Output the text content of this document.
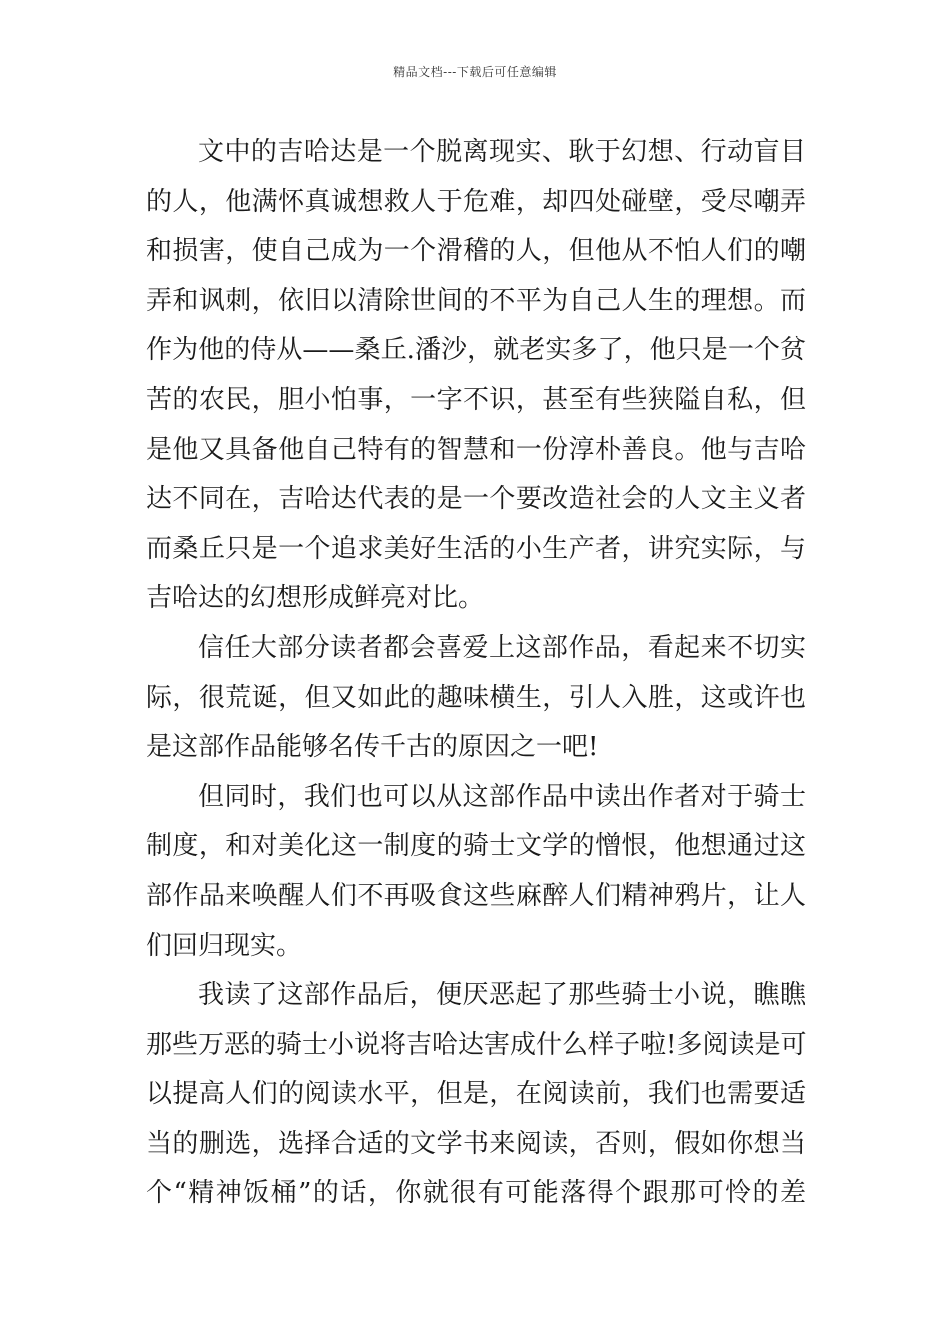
精品文档---下载后可任意编辑
文中的吉哈达是一个脱离现实、耿于幻想、行动盲目
的人，他满怀真诚想救人于危难，却四处碰壁，受尽嘲弄
和损害，使自己成为一个滑稽的人，但他从不怕人们的嘲
弄和讽刺，依旧以清除世间的不平为自己人生的理想。而
作为他的侍从——桑丘.潘沙，就老实多了，他只是一个贫
苦的农民，胆小怕事，一字不识，甚至有些狭隘自私，但
是他又具备他自己特有的智慧和一份淳朴善良。他与吉哈
达不同在，吉哈达代表的是一个要改造社会的人文主义者
而桑丘只是一个追求美好生活的小生产者，讲究实际，与
吉哈达的幻想形成鲜亮对比。
信任大部分读者都会喜爱上这部作品，看起来不切实
际，很荒诞，但又如此的趣味横生，引人入胜，这或许也
是这部作品能够名传千古的原因之一吧!
但同时，我们也可以从这部作品中读出作者对于骑士
制度，和对美化这一制度的骑士文学的憎恨，他想通过这
部作品来唤醒人们不再吸食这些麻醉人们精神鸦片，让人
们回归现实。
我读了这部作品后，便厌恶起了那些骑士小说，瞧瞧
那些万恶的骑士小说将吉哈达害成什么样子啦!多阅读是可
以提高人们的阅读水平，但是，在阅读前，我们也需要适
当的删选，选择合适的文学书来阅读，否则，假如你想当
个“精神饭桶”的话，你就很有可能落得个跟那可怜的差
